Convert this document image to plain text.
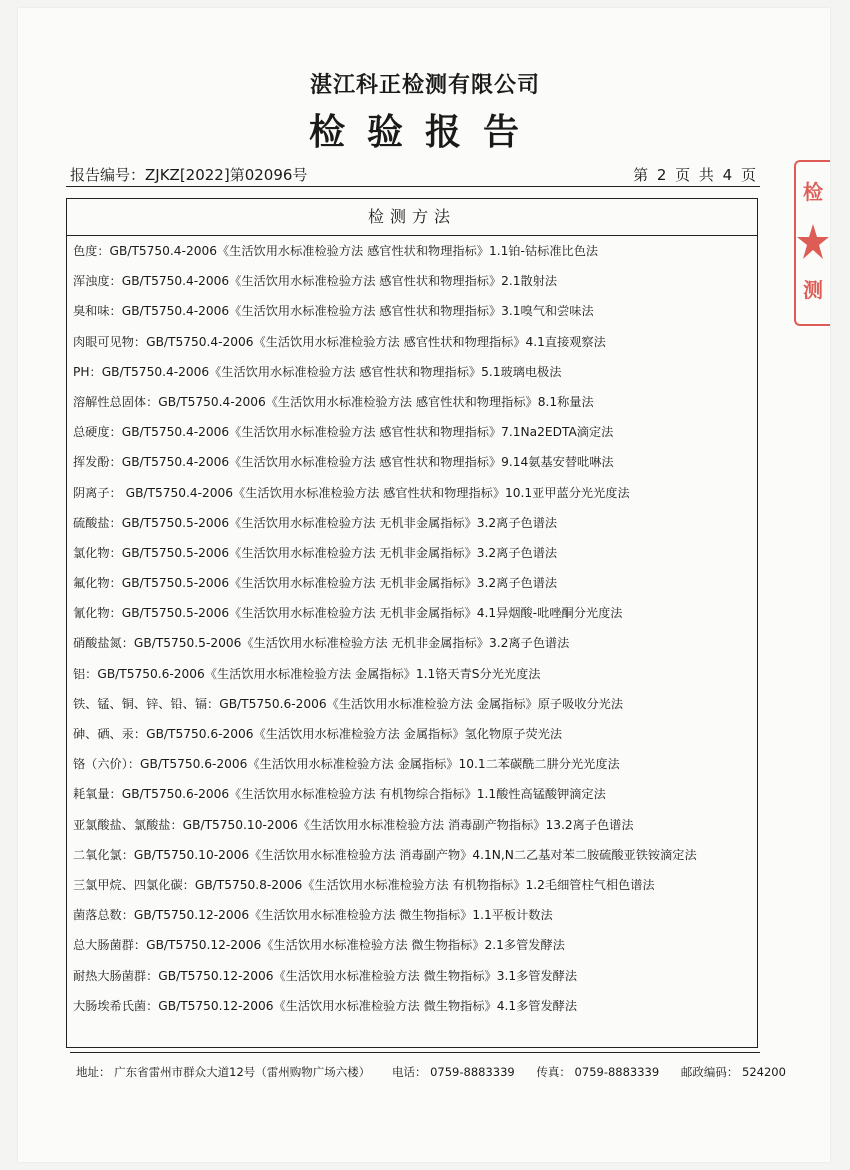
湛江科正检测有限公司
检验报告
报告编号：ZJKZ[2022]第02096号	第 2 页 共 4 页
检测方法
色度：GB/T5750.4-2006《生活饮用水标准检验方法 感官性状和物理指标》1.1铂-钴标准比色法
浑浊度：GB/T5750.4-2006《生活饮用水标准检验方法 感官性状和物理指标》2.1散射法
臭和味：GB/T5750.4-2006《生活饮用水标准检验方法 感官性状和物理指标》3.1嗅气和尝味法
肉眼可见物：GB/T5750.4-2006《生活饮用水标准检验方法 感官性状和物理指标》4.1直接观察法
PH：GB/T5750.4-2006《生活饮用水标准检验方法 感官性状和物理指标》5.1玻璃电极法
溶解性总固体：GB/T5750.4-2006《生活饮用水标准检验方法 感官性状和物理指标》8.1称量法
总硬度：GB/T5750.4-2006《生活饮用水标准检验方法 感官性状和物理指标》7.1Na2EDTA滴定法
挥发酚：GB/T5750.4-2006《生活饮用水标准检验方法 感官性状和物理指标》9.14氨基安替吡啉法
阴离子： GB/T5750.4-2006《生活饮用水标准检验方法 感官性状和物理指标》10.1亚甲蓝分光光度法
硫酸盐：GB/T5750.5-2006《生活饮用水标准检验方法 无机非金属指标》3.2离子色谱法
氯化物：GB/T5750.5-2006《生活饮用水标准检验方法 无机非金属指标》3.2离子色谱法
氟化物：GB/T5750.5-2006《生活饮用水标准检验方法 无机非金属指标》3.2离子色谱法
氰化物：GB/T5750.5-2006《生活饮用水标准检验方法 无机非金属指标》4.1异烟酸-吡唑酮分光度法
硝酸盐氮：GB/T5750.5-2006《生活饮用水标准检验方法 无机非金属指标》3.2离子色谱法
铝：GB/T5750.6-2006《生活饮用水标准检验方法 金属指标》1.1铬天青S分光光度法
铁、锰、铜、锌、铅、镉：GB/T5750.6-2006《生活饮用水标准检验方法 金属指标》原子吸收分光法
砷、硒、汞：GB/T5750.6-2006《生活饮用水标准检验方法 金属指标》氢化物原子荧光法
铬（六价）：GB/T5750.6-2006《生活饮用水标准检验方法 金属指标》10.1二苯碳酰二肼分光光度法
耗氧量：GB/T5750.6-2006《生活饮用水标准检验方法 有机物综合指标》1.1酸性高锰酸钾滴定法
亚氯酸盐、氯酸盐：GB/T5750.10-2006《生活饮用水标准检验方法 消毒副产物指标》13.2离子色谱法
二氧化氯：GB/T5750.10-2006《生活饮用水标准检验方法 消毒副产物》4.1N,N二乙基对苯二胺硫酸亚铁铵滴定法
三氯甲烷、四氯化碳：GB/T5750.8-2006《生活饮用水标准检验方法 有机物指标》1.2毛细管柱气相色谱法
菌落总数：GB/T5750.12-2006《生活饮用水标准检验方法 微生物指标》1.1平板计数法
总大肠菌群：GB/T5750.12-2006《生活饮用水标准检验方法 微生物指标》2.1多管发酵法
耐热大肠菌群：GB/T5750.12-2006《生活饮用水标准检验方法 微生物指标》3.1多管发酵法
大肠埃希氏菌：GB/T5750.12-2006《生活饮用水标准检验方法 微生物指标》4.1多管发酵法
地址： 广东省雷州市群众大道12号（雷州购物广场六楼） 电话： 0759-8883339 传真： 0759-8883339 邮政编码： 524200
检
测
